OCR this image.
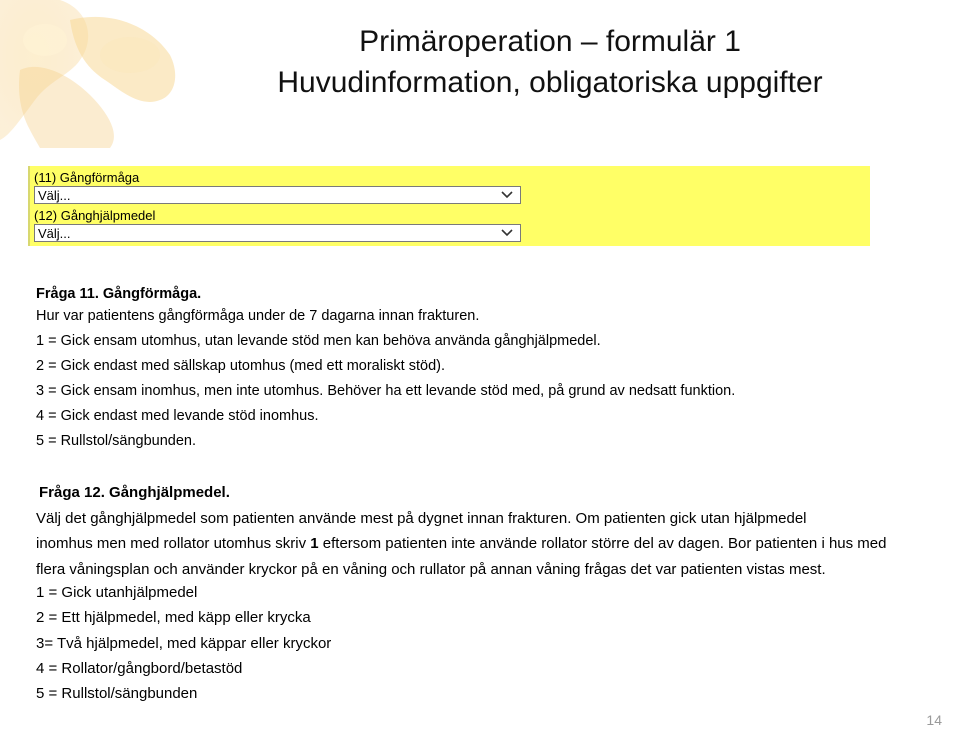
Primäroperation – formulär 1
Huvudinformation, obligatoriska uppgifter
(11) Gångförmåga
Välj...
(12) Gånghjälpmedel
Välj...
Fråga 11. Gångförmåga.
Hur var patientens gångförmåga under de 7 dagarna innan frakturen.
1 = Gick ensam utomhus, utan levande stöd men kan behöva använda gånghjälpmedel.
2 = Gick endast med sällskap utomhus (med ett moraliskt stöd).
3 = Gick ensam inomhus, men inte utomhus. Behöver ha ett levande stöd med, på grund av nedsatt funktion.
4 = Gick endast med levande stöd inomhus.
5 = Rullstol/sängbunden.
Fråga 12. Gånghjälpmedel.
Välj det gånghjälpmedel som patienten använde mest på dygnet innan frakturen. Om patienten gick utan hjälpmedel
inomhus men med rollator utomhus skriv 1 eftersom patienten inte använde rollator större del av dagen. Bor patienten i hus med
flera våningsplan och använder kryckor på en våning och rullator på annan våning frågas det var patienten vistas mest.
1 = Gick utanhjälpmedel
2 = Ett hjälpmedel, med käpp eller krycka
3= Två hjälpmedel, med käppar eller kryckor
4 = Rollator/gångbord/betastöd
5 = Rullstol/sängbunden
14
